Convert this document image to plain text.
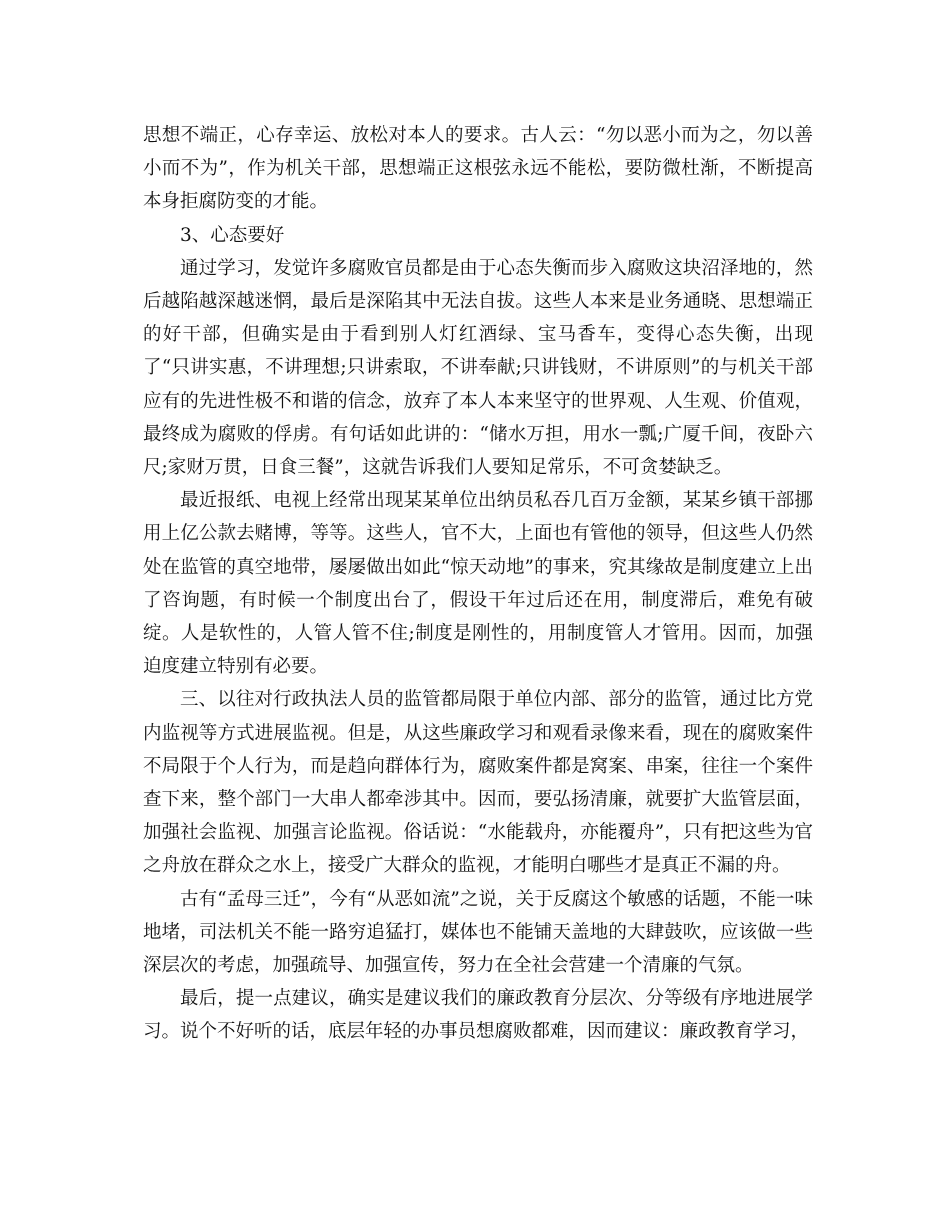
思想不端正，心存幸运、放松对本人的要求。古人云：“勿以恶小而为之，勿以善小而不为”，作为机关干部，思想端正这根弦永远不能松，要防微杜渐，不断提高本身拒腐防变的才能。

3、心态要好

通过学习，发觉许多腐败官员都是由于心态失衡而步入腐败这块沼泽地的，然后越陷越深越迷惘，最后是深陷其中无法自拔。这些人本来是业务通晓、思想端正的好干部，但确实是由于看到别人灯红酒绿、宝马香车，变得心态失衡，出现了“只讲实惠，不讲理想;只讲索取，不讲奉献;只讲钱财，不讲原则”的与机关干部应有的先进性极不和谐的信念，放弃了本人本来坚守的世界观、人生观、价值观，最终成为腐败的俘虏。有句话如此讲的：“储水万担，用水一瓢;广厦千间，夜卧六尺;家财万贯，日食三餐”，这就告诉我们人要知足常乐，不可贪婪缺乏。

最近报纸、电视上经常出现某某单位出纳员私吞几百万金额，某某乡镇干部挪用上亿公款去赌博，等等。这些人，官不大，上面也有管他的领导，但这些人仍然处在监管的真空地带，屡屡做出如此“惊天动地”的事来，究其缘故是制度建立上出了咨询题，有时候一个制度出台了，假设干年过后还在用，制度滞后，难免有破绽。人是软性的，人管人管不住;制度是刚性的，用制度管人才管用。因而，加强迫度建立特别有必要。

三、以往对行政执法人员的监管都局限于单位内部、部分的监管，通过比方党内监视等方式进展监视。但是，从这些廉政学习和观看录像来看，现在的腐败案件不局限于个人行为，而是趋向群体行为，腐败案件都是窝案、串案，往往一个案件查下来，整个部门一大串人都牵涉其中。因而，要弘扬清廉，就要扩大监管层面，加强社会监视、加强言论监视。俗话说：“水能载舟，亦能覆舟”，只有把这些为官之舟放在群众之水上，接受广大群众的监视，才能明白哪些才是真正不漏的舟。

古有“孟母三迁”，今有“从恶如流”之说，关于反腐这个敏感的话题，不能一味地堵，司法机关不能一路穷追猛打，媒体也不能铺天盖地的大肆鼓吹，应该做一些深层次的考虑，加强疏导、加强宣传，努力在全社会营建一个清廉的气氛。

最后，提一点建议，确实是建议我们的廉政教育分层次、分等级有序地进展学习。说个不好听的话，底层年轻的办事员想腐败都难，因而建议：廉政教育学习，
